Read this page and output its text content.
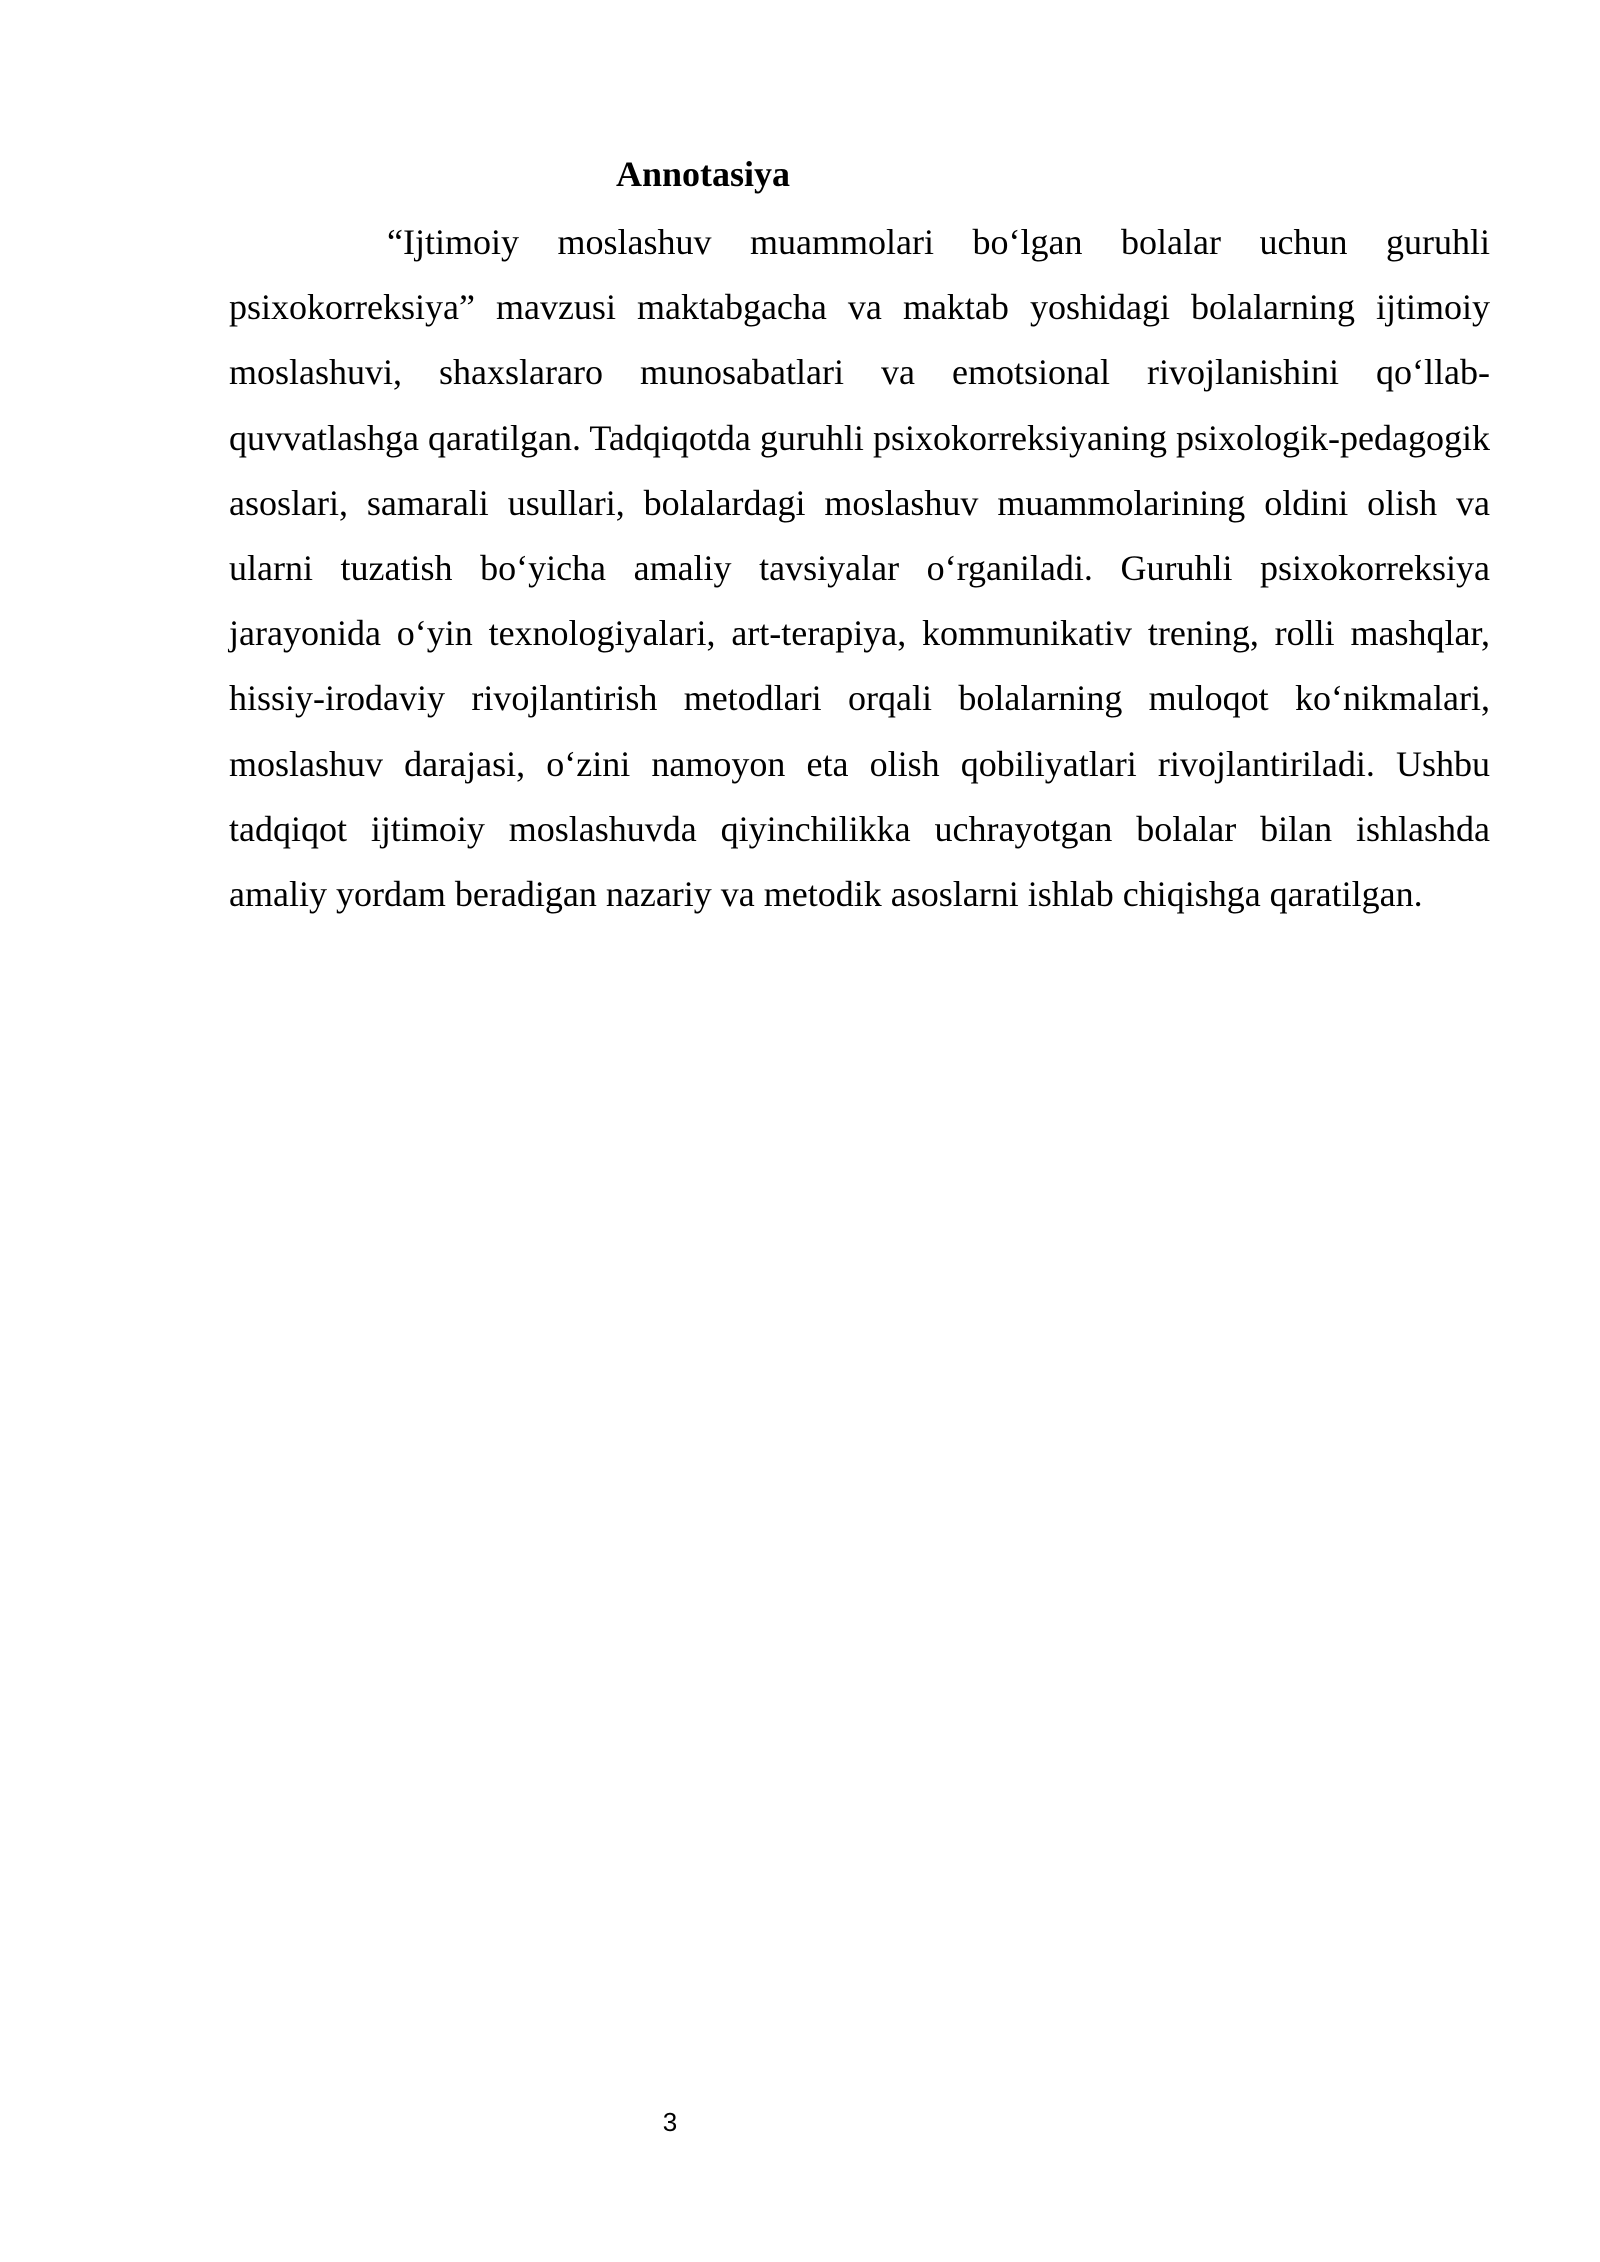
Annotasiya

“Ijtimoiy moslashuv muammolari bo‘lgan bolalar uchun guruhli psixokorreksiya” mavzusi maktabgacha va maktab yoshidagi bolalarning ijtimoiy moslashuvi, shaxslararo munosabatlari va emotsional rivojlanishini qo‘llab-quvvatlashga qaratilgan. Tadqiqotda guruhli psixokorreksiyaning psixologik-pedagogik asoslari, samarali usullari, bolalardagi moslashuv muammolarining oldini olish va ularni tuzatish bo‘yicha amaliy tavsiyalar o‘rganiladi. Guruhli psixokorreksiya jarayonida o‘yin texnologiyalari, art-terapiya, kommunikativ trening, rolli mashqlar, hissiy-irodaviy rivojlantirish metodlari orqali bolalarning muloqot ko‘nikmalari, moslashuv darajasi, o‘zini namoyon eta olish qobiliyatlari rivojlantiriladi. Ushbu tadqiqot ijtimoiy moslashuvda qiyinchilikka uchrayotgan bolalar bilan ishlashda amaliy yordam beradigan nazariy va metodik asoslarni ishlab chiqishga qaratilgan.

3
